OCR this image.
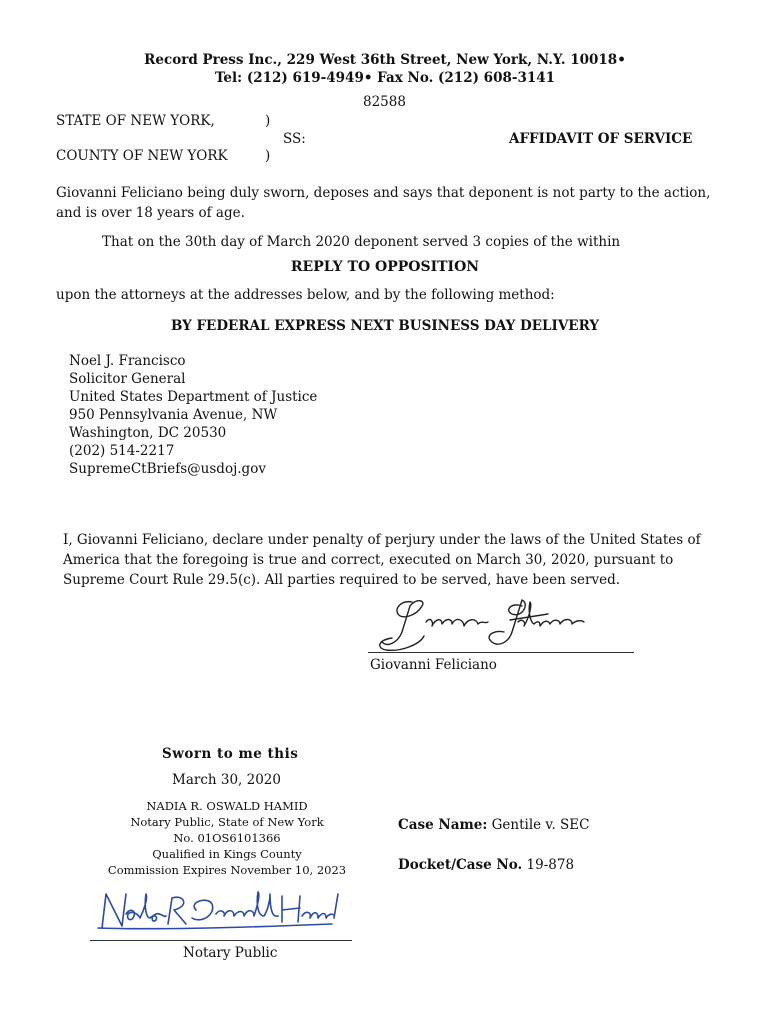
Record Press Inc., 229 West 36th Street, New York, N.Y. 10018•
Tel: (212) 619-4949• Fax No. (212) 608-3141
82588
STATE OF NEW YORK,	)
SS:	AFFIDAVIT OF SERVICE
COUNTY OF NEW YORK	)
Giovanni Feliciano being duly sworn, deposes and says that deponent is not party to the action, and is over 18 years of age.
That on the 30th day of March 2020 deponent served 3 copies of the within
REPLY TO OPPOSITION
upon the attorneys at the addresses below, and by the following method:
BY FEDERAL EXPRESS NEXT BUSINESS DAY DELIVERY
Noel J. Francisco
Solicitor General
United States Department of Justice
950 Pennsylvania Avenue, NW
Washington, DC 20530
(202) 514-2217
SupremeCtBriefs@usdoj.gov
I, Giovanni Feliciano, declare under penalty of perjury under the laws of the United States of America that the foregoing is true and correct, executed on March 30, 2020, pursuant to Supreme Court Rule 29.5(c). All parties required to be served, have been served.
Giovanni Feliciano
Sworn to me this
March 30, 2020
NADIA R. OSWALD HAMID
Notary Public, State of New York
No. 01OS6101366
Qualified in Kings County
Commission Expires November 10, 2023
Notary Public
Case Name: Gentile v. SEC
Docket/Case No. 19-878
